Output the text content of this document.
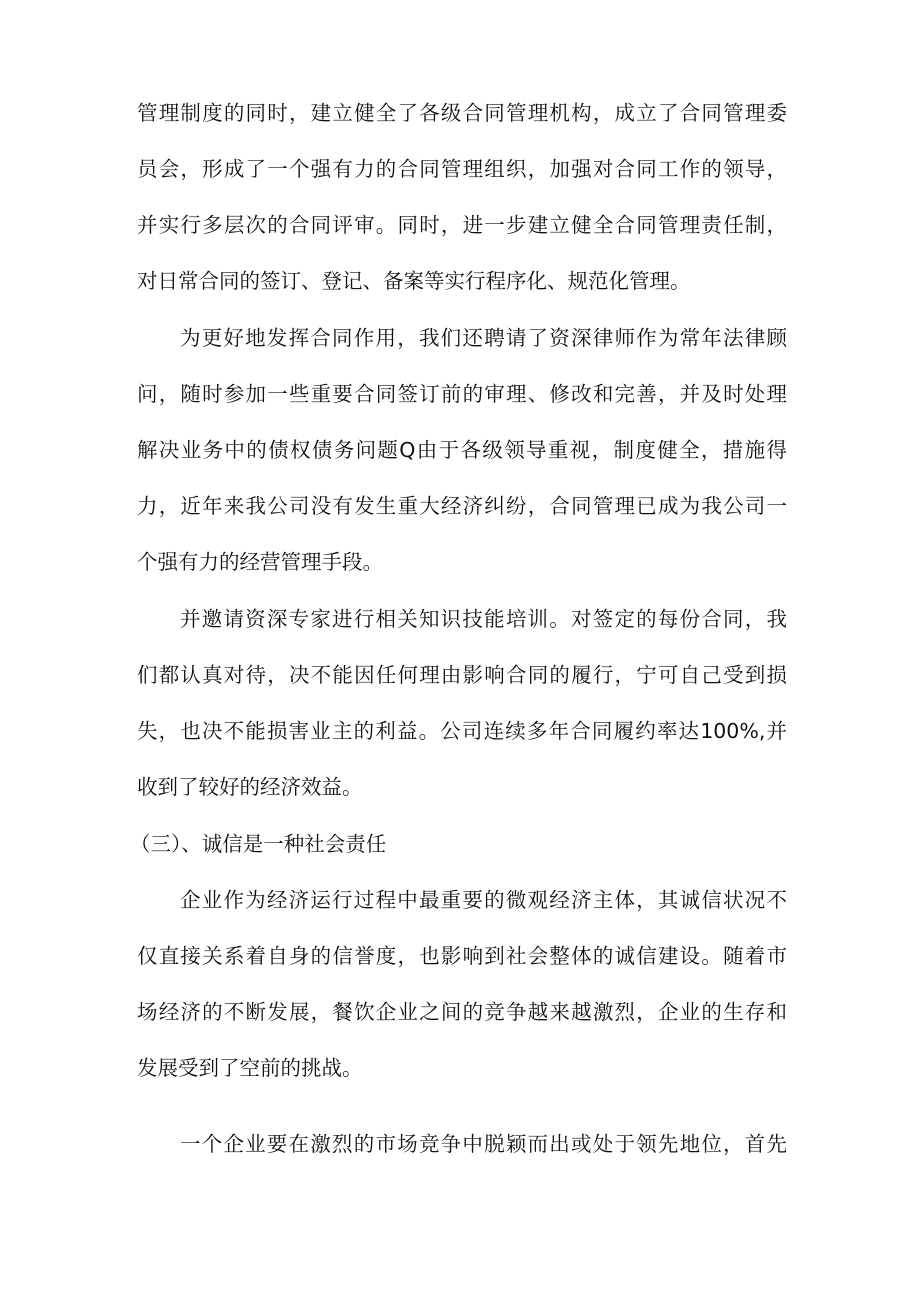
管理制度的同时，建立健全了各级合同管理机构，成立了合同管理委
员会，形成了一个强有力的合同管理组织，加强对合同工作的领导，
并实行多层次的合同评审。同时，进一步建立健全合同管理责任制，
对日常合同的签订、登记、备案等实行程序化、规范化管理。
为更好地发挥合同作用，我们还聘请了资深律师作为常年法律顾
问，随时参加一些重要合同签订前的审理、修改和完善，并及时处理
解决业务中的债权债务问题Q由于各级领导重视，制度健全，措施得
力，近年来我公司没有发生重大经济纠纷，合同管理已成为我公司一
个强有力的经营管理手段。
并邀请资深专家进行相关知识技能培训。对签定的每份合同，我
们都认真对待，决不能因任何理由影响合同的履行，宁可自己受到损
失，也决不能损害业主的利益。公司连续多年合同履约率达100%,并
收到了较好的经济效益。
（三）、诚信是一种社会责任
企业作为经济运行过程中最重要的微观经济主体，其诚信状况不
仅直接关系着自身的信誉度，也影响到社会整体的诚信建设。随着市
场经济的不断发展，餐饮企业之间的竞争越来越激烈，企业的生存和
发展受到了空前的挑战。
一个企业要在激烈的市场竞争中脱颖而出或处于领先地位，首先
